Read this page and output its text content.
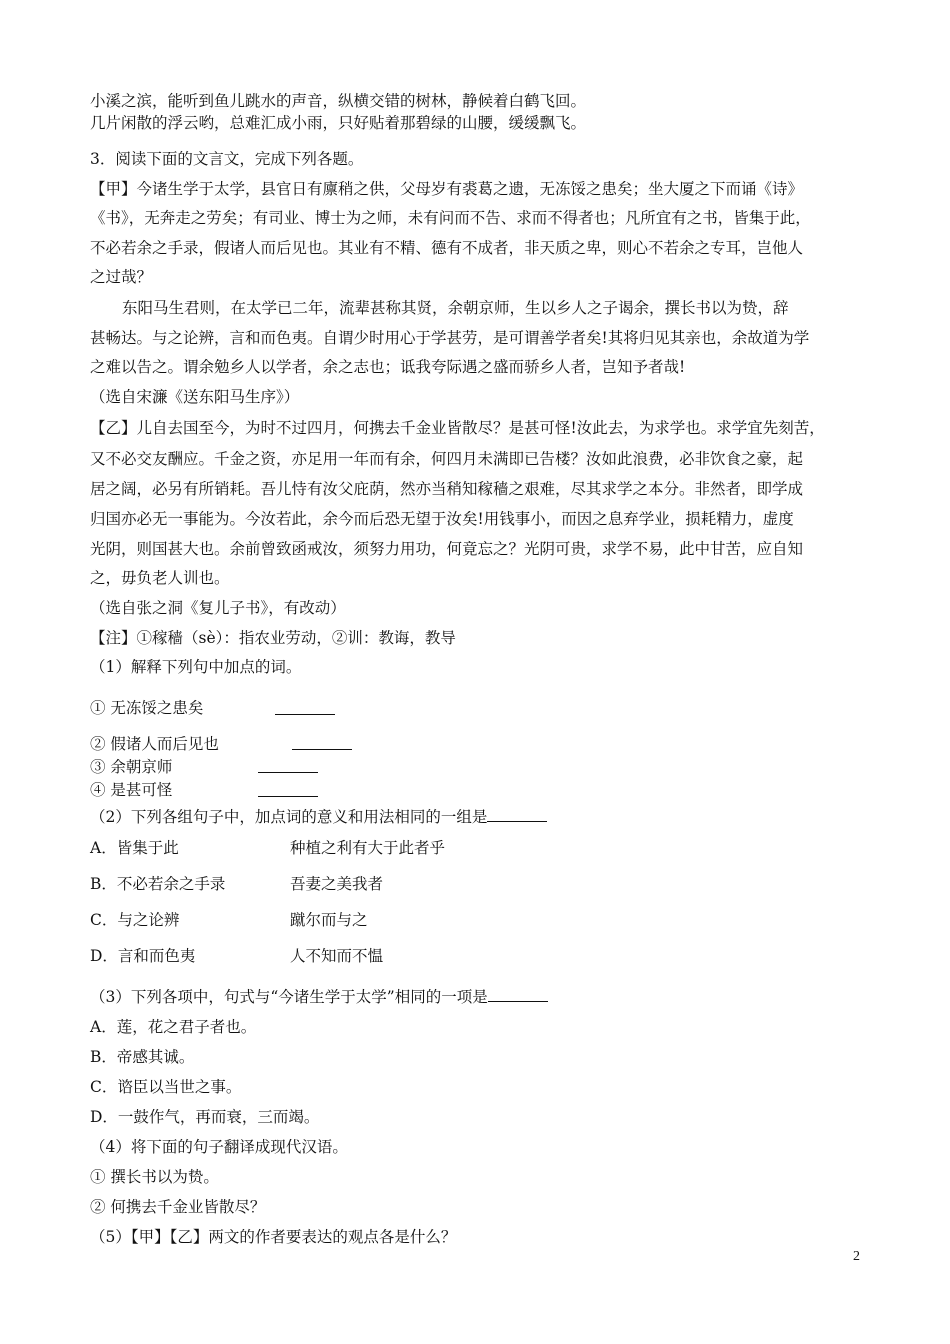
小溪之滨，能听到鱼儿跳水的声音，纵横交错的树林，静候着白鹤飞回。
几片闲散的浮云哟，总难汇成小雨，只好贴着那碧绿的山腰，缓缓飘飞。
3．阅读下面的文言文，完成下列各题。
【甲】今诸生学于太学，县官日有廪稍之供，父母岁有裘葛之遗，无冻馁之患矣；坐大厦之下而诵《诗》
《书》，无奔走之劳矣；有司业、博士为之师，未有问而不告、求而不得者也；凡所宜有之书，皆集于此，
不必若余之手录，假诸人而后见也。其业有不精、德有不成者，非天质之卑，则心不若余之专耳，岂他人
之过哉？
东阳马生君则，在太学已二年，流辈甚称其贤，余朝京师，生以乡人之子谒余，撰长书以为贽，辞
甚畅达。与之论辨，言和而色夷。自谓少时用心于学甚劳，是可谓善学者矣!其将归见其亲也，余故道为学
之难以告之。谓余勉乡人以学者，余之志也；诋我夸际遇之盛而骄乡人者，岂知予者哉!
（选自宋濂《送东阳马生序》）
【乙】儿自去国至今，为时不过四月，何携去千金业皆散尽？是甚可怪!汝此去，为求学也。求学宜先刻苦，
又不必交友酬应。千金之资，亦足用一年而有余，何四月未满即已告楼？汝如此浪费，必非饮食之豪，起
居之阔，必另有所销耗。吾儿恃有汝父庇荫，然亦当稍知稼穑之艰难，尽其求学之本分。非然者，即学成
归国亦必无一事能为。今汝若此，余今而后恐无望于汝矣!用钱事小，而因之息弃学业，损耗精力，虚度
光阴，则国甚大也。余前曾致函戒汝，须努力用功，何竟忘之？光阴可贵，求学不易，此中甘苦，应自知
之，毋负老人训也。
（选自张之洞《复儿子书》，有改动）
【注】①稼穑（sè）：指农业劳动，②训：教诲，教导
（1）解释下列句中加点的词。
① 无冻馁之患矣
② 假诸人而后见也
③ 余朝京师
④ 是甚可怪
（2）下列各组句子中，加点词的意义和用法相同的一组是
A．皆集于此	种植之利有大于此者乎
B．不必若余之手录	吾妻之美我者
C．与之论辨	蹴尔而与之
D．言和而色夷	人不知而不愠
（3）下列各项中，句式与“今诸生学于太学”相同的一项是
A．莲，花之君子者也。
B．帝感其诚。
C．谘臣以当世之事。
D．一鼓作气，再而衰，三而竭。
（4）将下面的句子翻译成现代汉语。
① 撰长书以为贽。
② 何携去千金业皆散尽？
（5）【甲】【乙】两文的作者要表达的观点各是什么？
2
